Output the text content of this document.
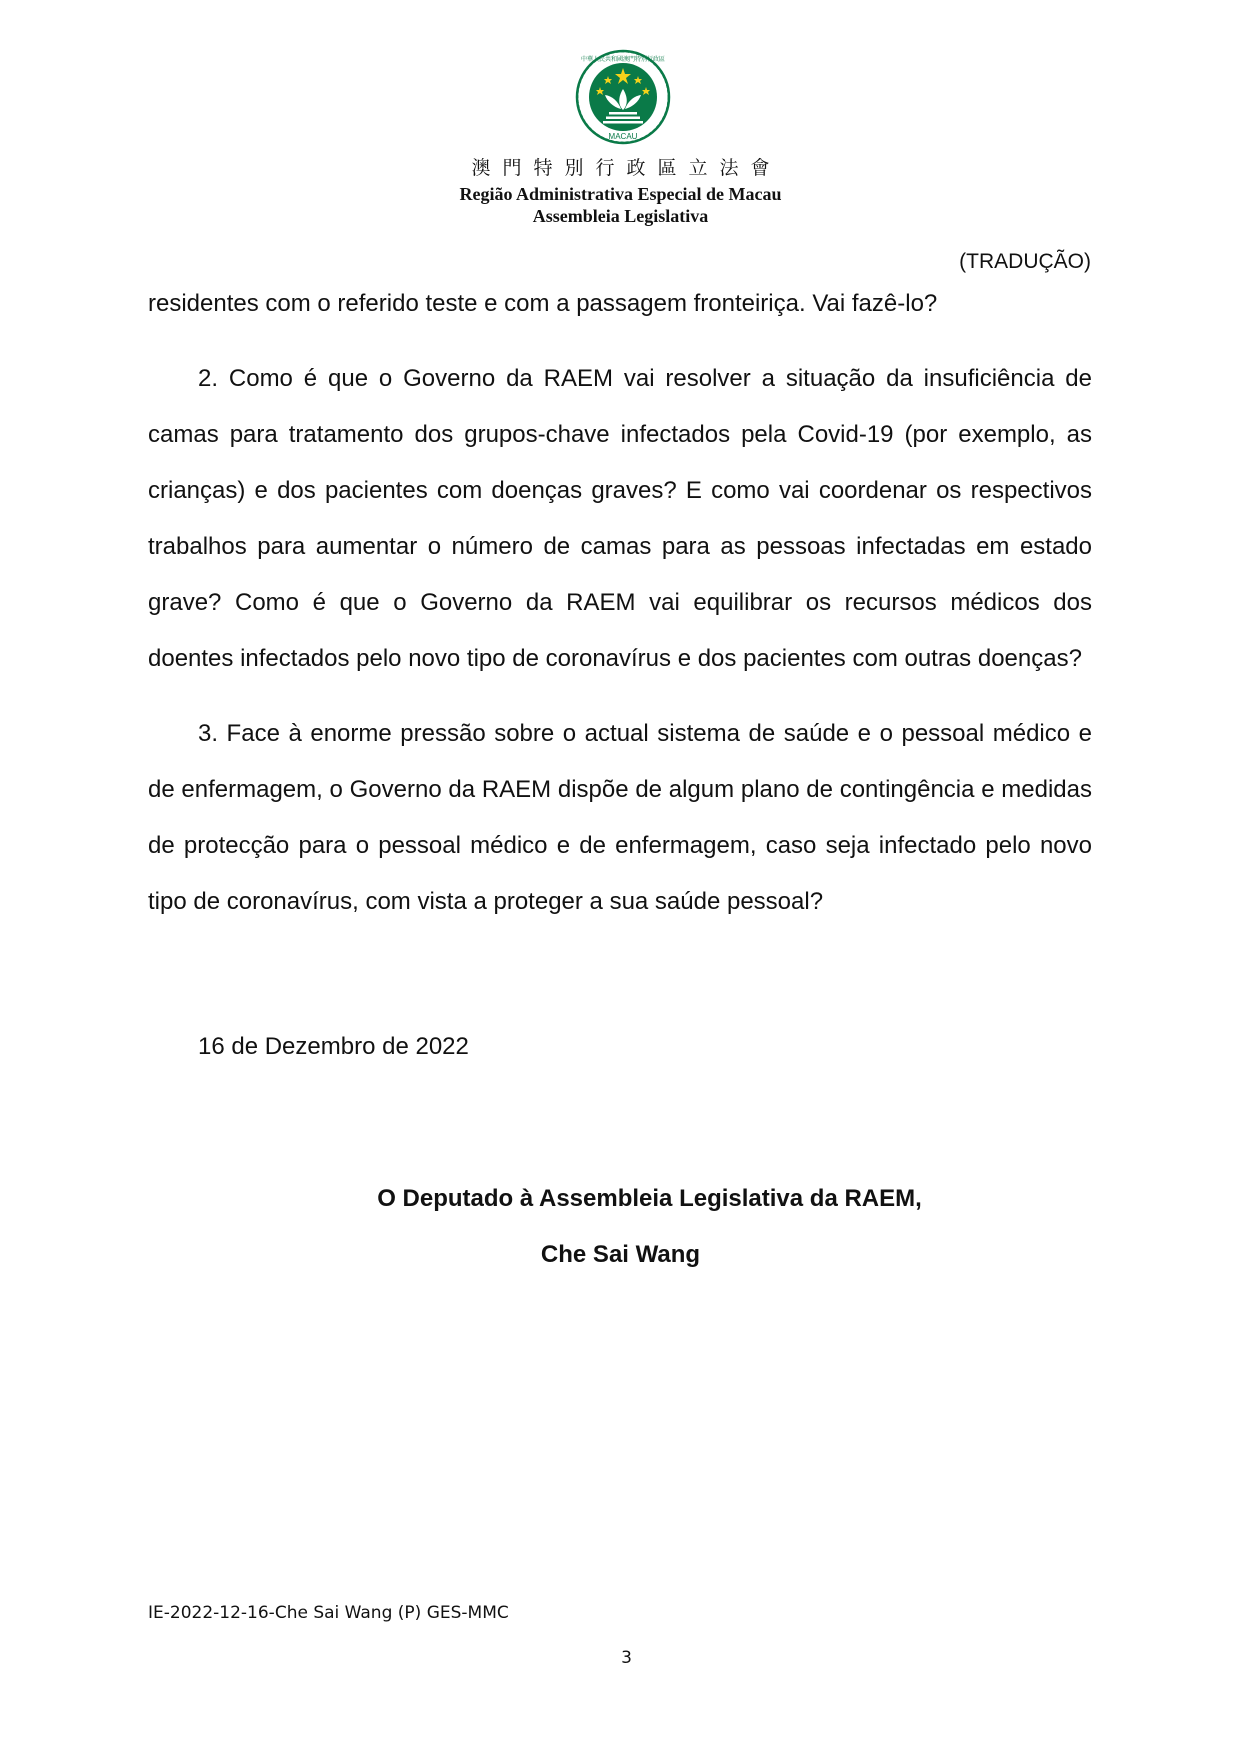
中華人民共和國澳門特別行政區
MACAU
澳門特別行政區立法會
Região Administrativa Especial de Macau
Assembleia Legislativa
(TRADUÇÃO)

residentes com o referido teste e com a passagem fronteiriça. Vai fazê-lo?

2. Como é que o Governo da RAEM vai resolver a situação da insuficiência de camas para tratamento dos grupos-chave infectados pela Covid-19 (por exemplo, as crianças) e dos pacientes com doenças graves? E como vai coordenar os respectivos trabalhos para aumentar o número de camas para as pessoas infectadas em estado grave? Como é que o Governo da RAEM vai equilibrar os recursos médicos dos doentes infectados pelo novo tipo de coronavírus e dos pacientes com outras doenças?

3. Face à enorme pressão sobre o actual sistema de saúde e o pessoal médico e de enfermagem, o Governo da RAEM dispõe de algum plano de contingência e medidas de protecção para o pessoal médico e de enfermagem, caso seja infectado pelo novo tipo de coronavírus, com vista a proteger a sua saúde pessoal?

16 de Dezembro de 2022
O Deputado à Assembleia Legislativa da RAEM,
Che Sai Wang
IE-2022-12-16-Che Sai Wang (P) GES-MMC
3
